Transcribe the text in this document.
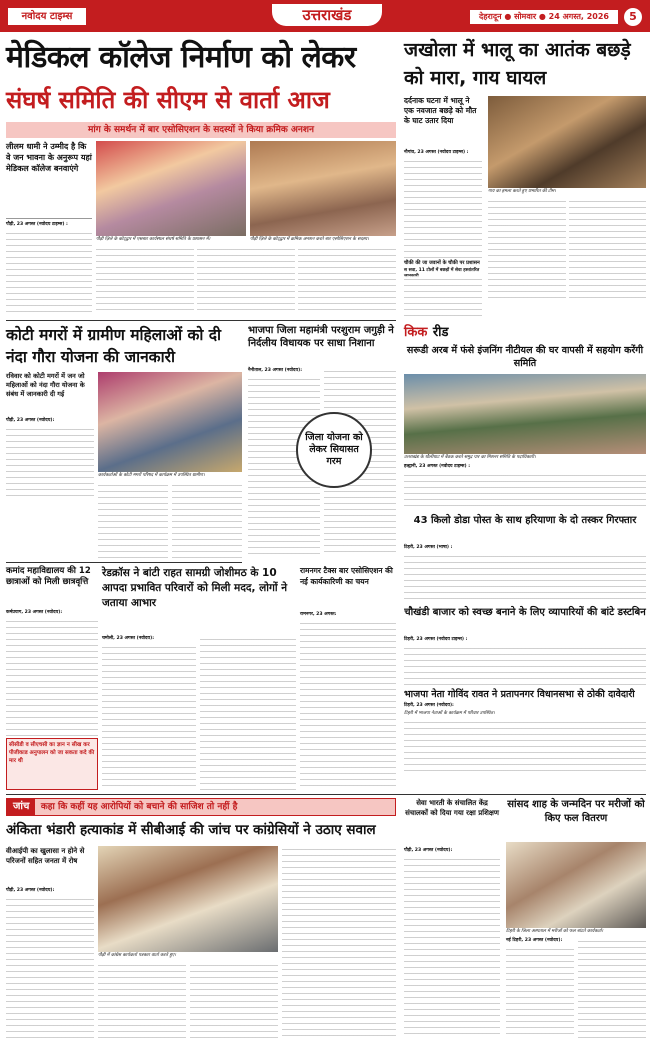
नवोदय टाइम्स	उत्तराखंड	देहरादून ● सोमवार ● 24 अगस्त, 2026	5
मेडिकल कॉलेज निर्माण को लेकर
संघर्ष समिति की सीएम से वार्ता आज
मांग के समर्थन में बार एसोसिएशन के सदस्यों ने किया क्रमिक अनशन
लीलम धामी ने उम्मीद है कि वे जन भावना के अनुरूप यहां मेडिकल कॉलेज बनवाएंगे
पौड़ी, 23 अगस्त (नवोदय टाइम्स) :
पौड़ी ज़िले के कोट्‌द्वार में एसबार कार्यस्थल संघर्ष समिति के प्रशासन में।	पौड़ी ज़िले के कोट्‌द्वार में क्रमिक अनशन करते बार एसोसिएशन के सदस्य।
जखोला में भालू का आतंक बछड़े को मारा, गाय घायल
दर्दनाक घटना में भालू ने एक नवजात बछड़े को मौत के घाट उतार दिया
गाय का हमला करते हुए प्रभारित की टीम।
नौगांव, 23 अगस्त (नवोदय टाइम्स) :
चौकी की जा जवानों के चौकी पर प्रशासन
स सवा, 11 टोलों में बछड़ों में सेवा हस्तांतरित
कोटी मगरों में ग्रामीण महिलाओं को दी नंदा गौरा योजना की जानकारी
रविवार को कोटी मगरों में जन जो महिलाओं को नंदा गौरा योजना के संबंध में जानकारी दी गई
पौड़ी, 23 अगस्त (नवोदय):
कार्यकर्ताओं के कोटी मगरों परिषद में कार्यक्रम में उपस्थित ग्रामीण।
भाजपा जिला महामंत्री परशुराम जगुड़ी ने निर्दलीय विधायक पर साधा निशाना
नैनीताल, 23 अगस्त (नवोदय):
जिला योजना को लेकर सियासत गरम
किक रीड
सरूडी अरब में फंसे इंजनिंग नीटीयल की घर वापसी में सहयोग करेंगी समिति
उत्तराखंड के धौलीघाट में बैठक करते समुद्र पार का मिशनर समिति के पदाधिकारी।
हल्द्वानी, 23 अगस्त (नवोदय टाइम्स) :
43 किलो डोडा पोस्त के साथ हरियाणा के दो तस्कर गिरफ्तार
टिहरी, 23 अगस्त (भाषा) :
कमांद महाविद्यालय की 12 छात्राओं को मिली छात्रवृत्ति
कर्मप्रयाग, 23 अगस्त (नवोदय):
सीसीडी व सीएचसी का ज्ञान न सीख कर पीजीकाड अनुपालन को जा सकता कदे की मार थी
रेडक्रॉस ने बांटी राहत सामग्री जोशीमठ के 10 आपदा प्रभावित परिवारों को मिली मदद, लोगों ने जताया आभार
चमोली, 23 अगस्त (नवोदय):
रामनगर टैक्स बार एसोसिएशन की नई कार्यकारिणी का चयन
रामनगर, 23 अगस्त:
जांच कहा कि कहीं यह आरोपियों को बचाने की साजिश तो नहीं है
अंकिता भंडारी हत्याकांड में सीबीआई की जांच पर कांग्रेसियों ने उठाए सवाल
वीआईपी का खुलासा न होने से परिजनों सहित जनता में रोष
पौड़ी, 23 अगस्त (नवोदय):
पौड़ी में कांग्रेस कार्यकर्ता पत्रकार वार्ता करते हुए।
सेवा भारती के संचालित केंद्र संचालकों को दिया गया रक्षा प्रशिक्षण
पौड़ी, 23 अगस्त (नवोदय):
सांसद शाह के जन्मदिन पर मरीजों को किए फल वितरण
टिहरी के जिला अस्पताल में मरीजों को फल बांटते कार्यकर्ता।
नई टिहरी, 23 अगस्त (नवोदय):
चौखंडी बाजार को स्वच्छ बनाने के लिए व्यापारियों की बांटे डस्टबिन
टिहरी, 23 अगस्त (नवोदय टाइम्स) :
भाजपा नेता गोविंद रावत ने प्रतापनगर विधानसभा से ठोकी दावेदारी
टिहरी, 23 अगस्त (नवोदय):
टिहरी में भाजपा नेताओं के कार्यक्रम में परिवार उपस्थित।
